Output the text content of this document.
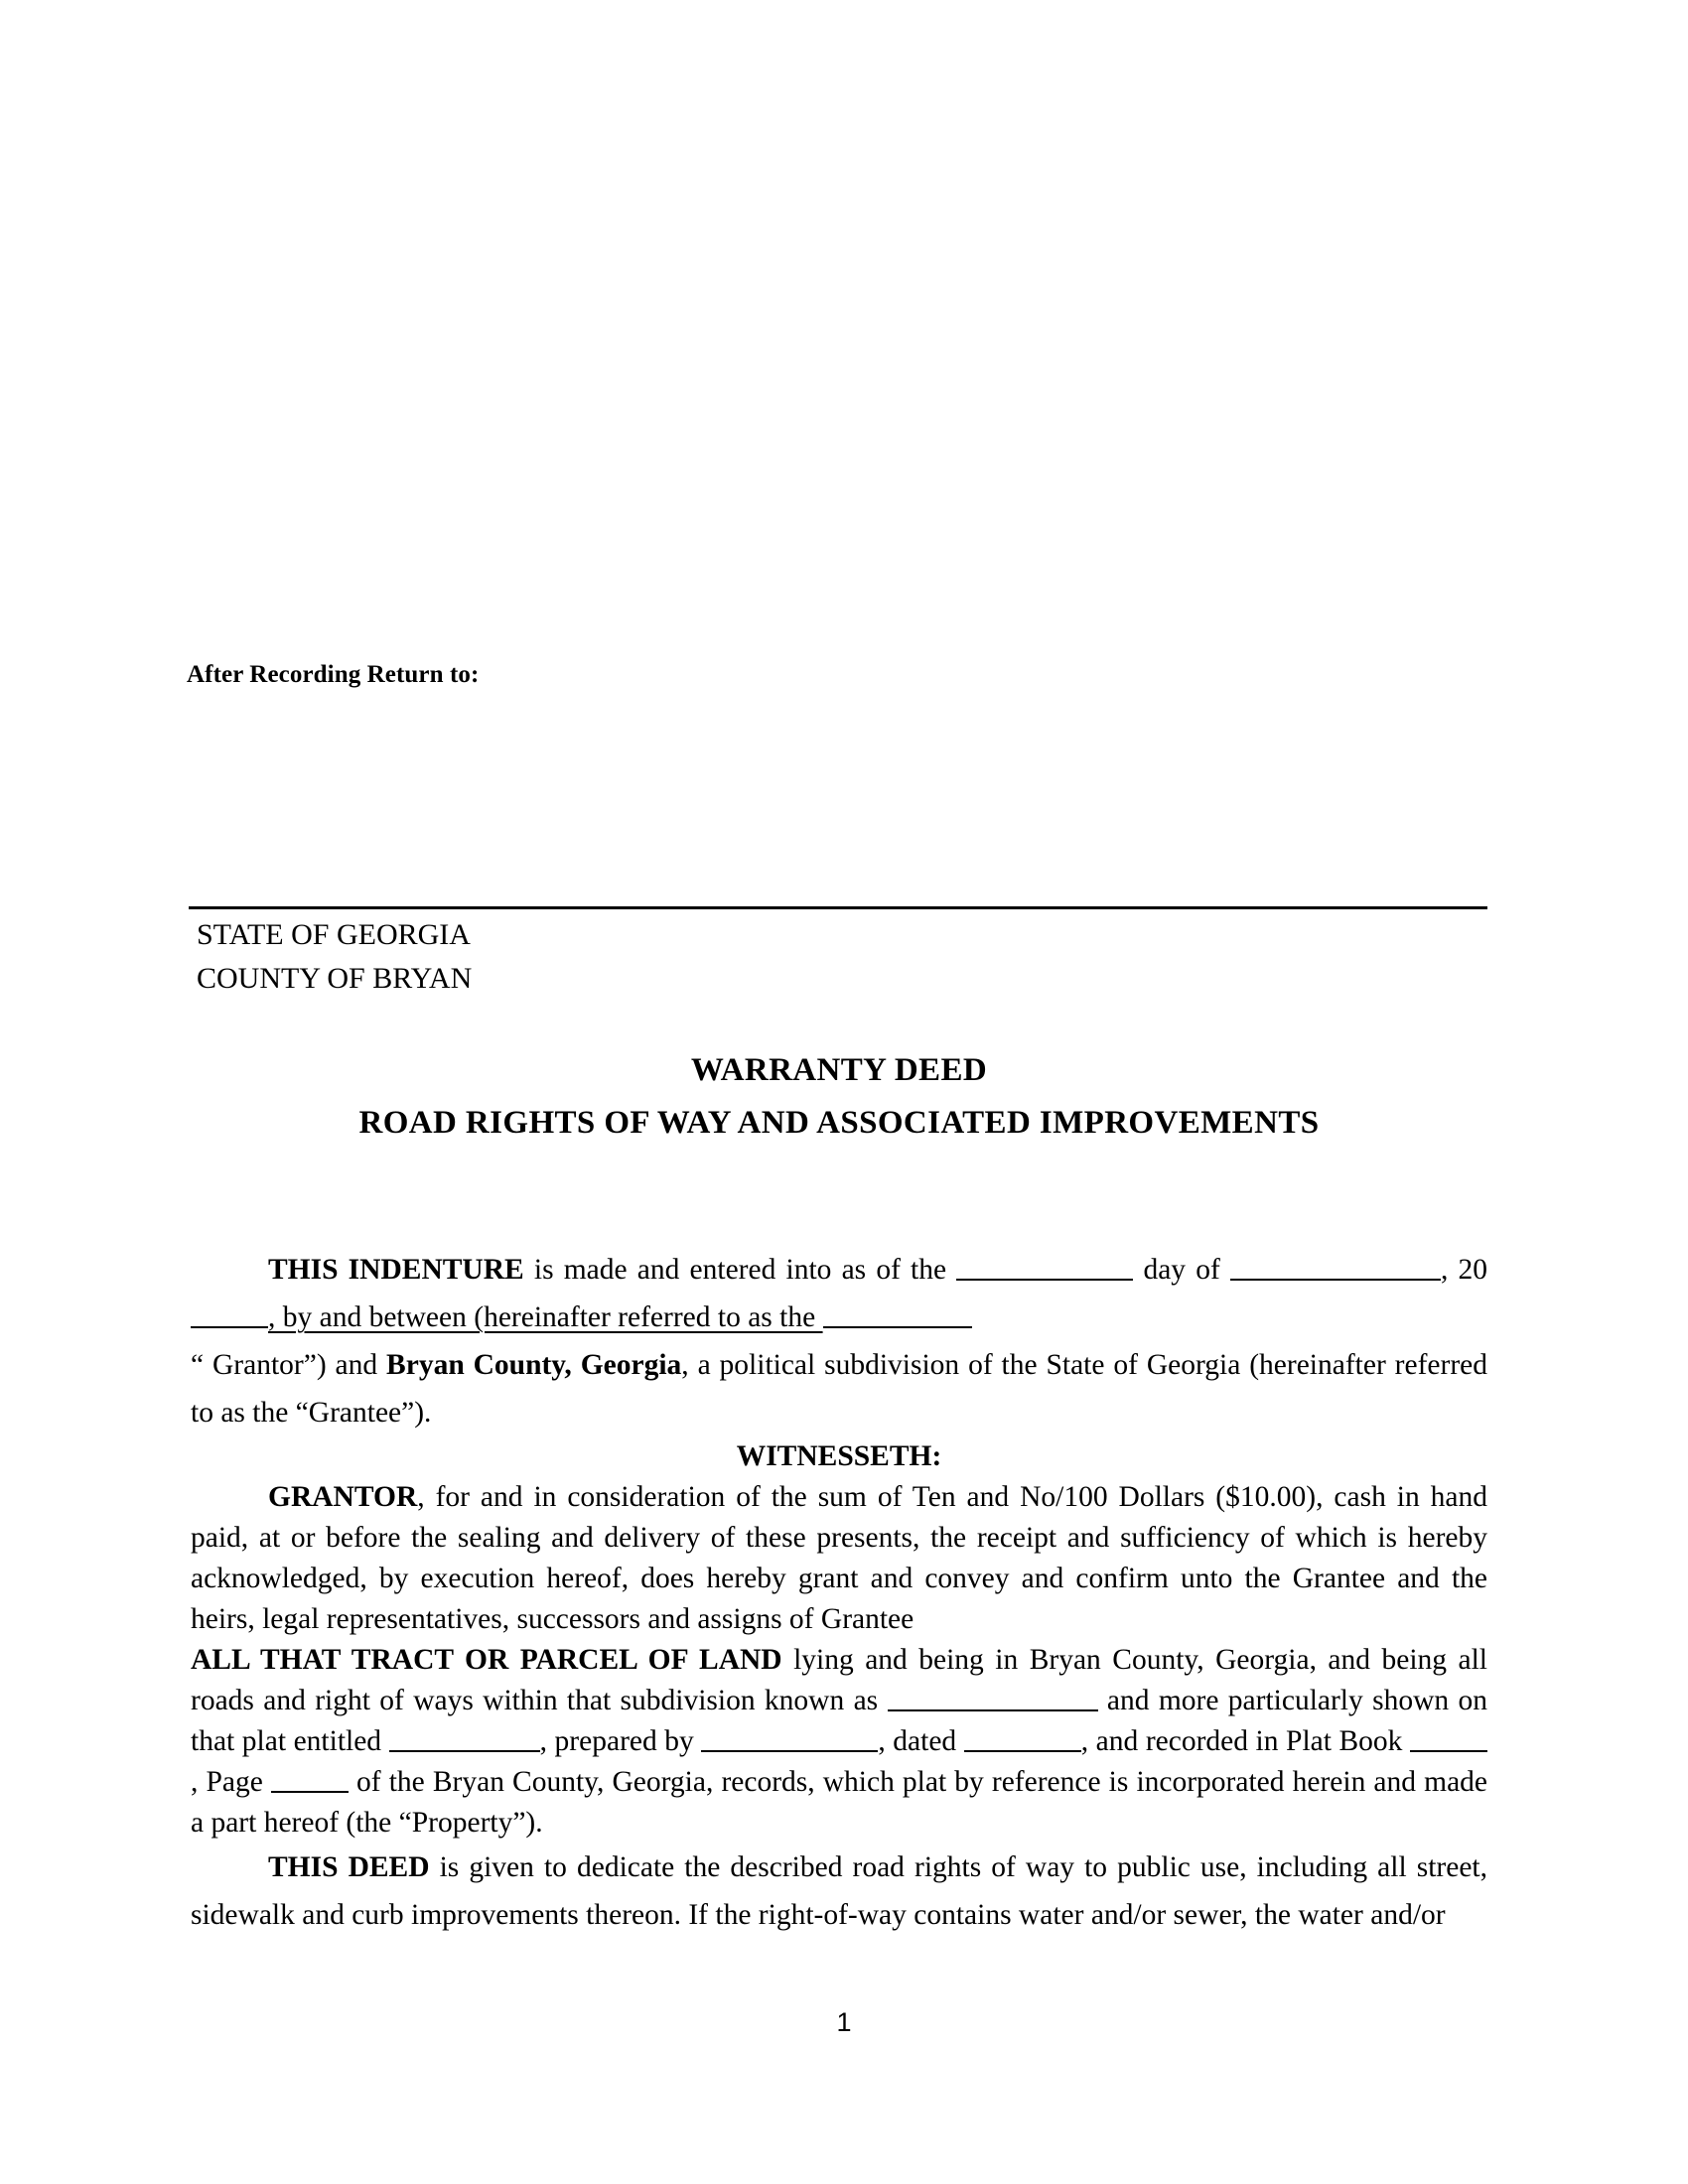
After Recording Return to:
STATE OF GEORGIA
COUNTY OF BRYAN
WARRANTY DEED
ROAD RIGHTS OF WAY AND ASSOCIATED IMPROVEMENTS

THIS INDENTURE is made and entered into as of the	day of	, 20, by and between (hereinafter referred to as the
“ Grantor”) and Bryan County, Georgia, a political subdivision of the State of Georgia (hereinafter referred to as the “Grantee”).

WITNESSETH:

GRANTOR, for and in consideration of the sum of Ten and No/100 Dollars ($10.00), cash in hand paid, at or before the sealing and delivery of these presents, the receipt and sufficiency of which is hereby acknowledged, by execution hereof, does hereby grant and convey and confirm unto the Grantee and the heirs, legal representatives, successors and assigns of Grantee

ALL THAT TRACT OR PARCEL OF LAND lying and being in Bryan County, Georgia, and being all roads and right of ways within that subdivision known as	and more particularly shown on that plat entitled	, prepared by	, dated	, and recorded in Plat Book , Page	of the Bryan County, Georgia, records, which plat by reference is incorporated herein and made a part hereof (the “Property”).

THIS DEED is given to dedicate the described road rights of way to public use, including all street, sidewalk and curb improvements thereon. If the right-of-way contains water and/or sewer, the water and/or

1
